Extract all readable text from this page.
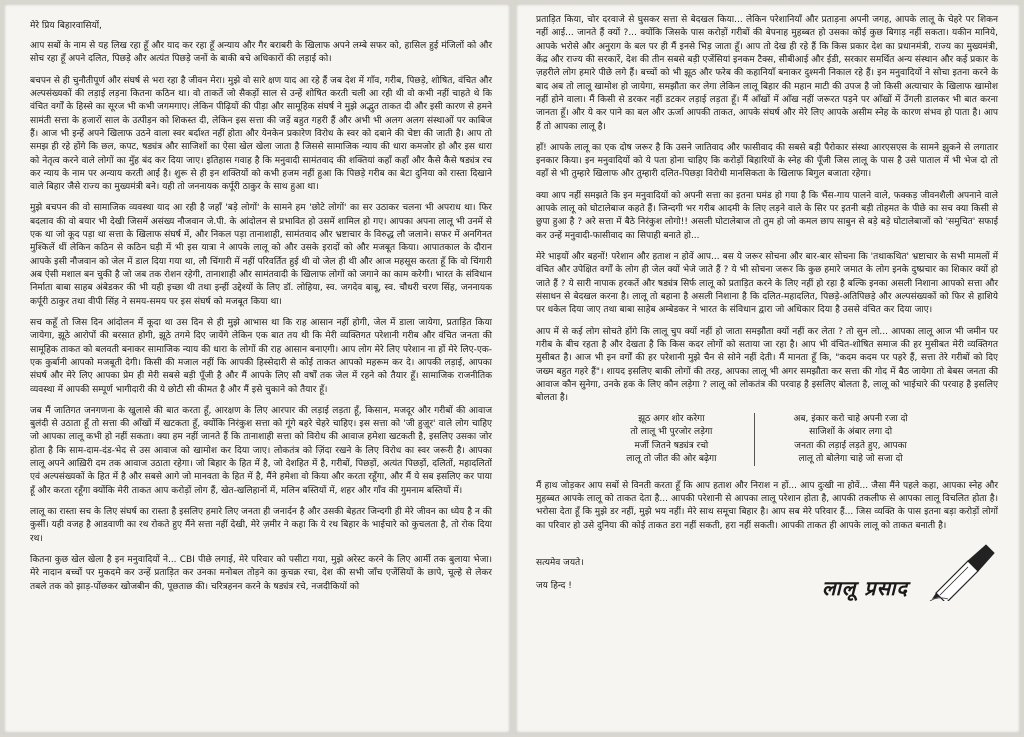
मेरे प्रिय बिहारवासियों,

आप सबों के नाम से यह लिख रहा हूँ और याद कर रहा हूँ अन्याय और गैर बराबरी के खिलाफ अपने लम्बे सफर को, हासिल हुई मंजिलों को और सोच रहा हूँ अपने दलित, पिछड़े और अत्यंत पिछड़े जनों के बाकी बचे अधिकारों की लड़ाई को।

बचपन से ही चुनौतीपूर्ण और संघर्ष से भरा रहा है जीवन मेरा। मुझे वो सारे क्षण याद आ रहे हैं जब देश में गाँव, गरीब, पिछड़े, शोषित, वंचित और अल्पसंख्यकों की लड़ाई लड़ना कितना कठिन था। वो ताकतें जो सैकड़ों साल से उन्हें शोषित करती चली आ रही थी वो कभी नहीं चाहते थे कि वंचित वर्गों के हिस्से का सूरज भी कभी जगमगाए। लेकिन पीढ़ियों की पीड़ा और सामूहिक संघर्ष ने मुझे अद्भुत ताकत दी और इसी कारण से हमने सामंती सत्ता के हजारों साल के उत्पीड़न को शिकस्त दी, लेकिन इस सत्ता की जड़ें बहुत गहरी हैं और अभी भी अलग अलग संस्थाओं पर काबिज हैं। आज भी इन्हें अपने खिलाफ उठने वाला स्वर बर्दाश्त नहीं होता और येनकेन प्रकारेण विरोध के स्वर को दबाने की चेष्टा की जाती है। आप तो समझ ही रहे होंगे कि छल, कपट, षड्यंत्र और साजिशों का ऐसा खेल खेला जाता है जिससे सामाजिक न्याय की धारा कमजोर हो और इस धारा को नेतृत्व करने वाले लोगों का मुँह बंद कर दिया जाए। इतिहास गवाह है कि मनुवादी सामंतवाद की शक्तियां कहाँ कहाँ और कैसे कैसे षड्यंत्र रच कर न्याय के नाम पर अन्याय करती आई है। शुरू से ही इन शक्तियों को कभी हजम नहीं हुआ कि पिछड़े गरीब का बेटा दुनिया को रास्ता दिखाने वाले बिहार जैसे राज्य का मुख्यमंत्री बने। यही तो जननायक कर्पूरी ठाकुर के साथ हुआ था।

मुझे बचपन की वो सामाजिक व्यवस्था याद आ रही है जहाँ 'बड़े लोगों' के सामने हम 'छोटे लोगों' का सर उठाकर चलना भी अपराध था। फिर बदलाव की वो बयार भी देखी जिसमें असंख्य नौजवान जे.पी. के आंदोलन से प्रभावित हो उसमें शामिल हो गए। आपका अपना लालू भी उनमें से एक था जो कूद पड़ा था सत्ता के खिलाफ संघर्ष में, और निकल पड़ा तानाशाही, सामंतवाद और भ्रष्टाचार के विरुद्ध लौ जलाने। सफर में अनगिनत मुश्किलें थीं लेकिन कठिन से कठिन घड़ी में भी इस यात्रा ने आपके लालू को और उसके इरादों को और मजबूत किया। आपातकाल के दौरान आपके इसी नौजवान को जेल में डाल दिया गया था, लौ चिंगारी में नहीं परिवर्तित हुई थी वो जेल ही थी और आज महसूस करता हूँ कि वो चिंगारी अब ऐसी मशाल बन चुकी है जो जब तक रोशन रहेगी, तानाशाही और सामंतवादी के खिलाफ लोगों को जगाने का काम करेगी। भारत के संविधान निर्माता बाबा साहब अंबेडकर की भी यही इच्छा थी तथा इन्हीं उद्देश्यों के लिए डॉ. लोहिया, स्व. जगदेव बाबू, स्व. चौधरी चरण सिंह, जननायक कर्पूरी ठाकुर तथा वीपी सिंह ने समय-समय पर इस संघर्ष को मजबूत किया था।

सच कहूँ तो जिस दिन आंदोलन में कूदा था उस दिन से ही मुझे आभास था कि राह आसान नहीं होगी, जेल में डाला जायेगा, प्रताड़ित किया जायेगा, झूठे आरोपों की बरसात होगी, झूठे तगमे दिए जायेंगे लेकिन एक बात तय थी कि मेरी व्यक्तिगत परेशानी गरीब और वंचित जनता की सामूहिक ताकत को बलवती बनाकर सामाजिक न्याय की धारा के लोगों की राह आसान बनाएगी। आप लोग मेरे लिए परेशान ना हों मेरे लिए-एक-एक कुर्बानी आपको मजबूती देगी। किसी की मजाल नहीं कि आपकी हिस्सेदारी से कोई ताकत आपको महरूम कर दे। आपकी लड़ाई, आपका संघर्ष और मेरे लिए आपका प्रेम ही मेरी सबसे बड़ी पूँजी है और मैं आपके लिए सौ वर्षों तक जेल में रहने को तैयार हूँ। सामाजिक राजनीतिक व्यवस्था में आपकी सम्पूर्ण भागीदारी की ये छोटी सी कीमत है और मैं इसे चुकाने को तैयार हूँ।

जब मैं जातिगत जनगणना के खुलासे की बात करता हूँ, आरक्षण के लिए आरपार की लड़ाई लड़ता हूँ, किसान, मजदूर और गरीबों की आवाज बुलंदी से उठाता हूँ तो सत्ता की आँखों में खटकता हूँ, क्योंकि निरंकुश सत्ता को गूंगे बहरे चेहरे चाहिए। इस सत्ता को 'जी हुज़ूर' वाले लोग चाहिए जो आपका लालू कभी हो नहीं सकता। क्या हम नहीं जानते हैं कि तानाशाही सत्ता को विरोध की आवाज हमेशा खटकती है, इसलिए उसका जोर होता है कि साम-दाम-दंड-भेद से उस आवाज को खामोश कर दिया जाए। लोकतंत्र को ज़िंदा रखने के लिए विरोध का स्वर जरूरी है। आपका लालू अपने आख़िरी दम तक आवाज उठाता रहेगा। जो बिहार के हित में है, जो देशहित में है, गरीबों, पिछड़ों, अत्यंत पिछड़ों, दलितों, महादलितों एवं अल्पसंख्यकों के हित में है और सबसे आगे जो मानवता के हित में है, मैंने हमेशा वो किया और करता रहूँगा, और मैं ये सब इसलिए कर पाया हूँ और करता रहूँगा क्योंकि मेरी ताकत आप करोड़ों लोग हैं, खेत-खलिहानों में, मलिन बस्तियों में, शहर और गाँव की गुमनाम बस्तियों में।

लालू का रास्ता सच के लिए संघर्ष का रास्ता है इसलिए हमारे लिए जनता ही जनार्दन है और उसकी बेहतर जिन्दगी ही मेरे जीवन का ध्येय है न की कुर्सी। यही वजह है आडवाणी का रथ रोकते हुए मैंने सत्ता नहीं देखी, मेरे ज़मीर ने कहा कि ये रथ बिहार के भाईचारे को कुचलता है, तो रोक दिया रथ।

कितना कुछ खेल खेला है इन मनुवादियों ने... CBI पीछे लगाई, मेरे परिवार को पसीटा गया, मुझे अरेस्ट करने के लिए आर्मी तक बुलाया भेजा। मेरे नादान बच्चों पर मुकदमे कर उन्हें प्रताड़ित कर उनका मनोबल तोड़ने का कुचक्र रचा, देश की सभी जाँच एजेंसियों के छापे, चूल्हे से लेकर तबले तक को झाड़-पोंछकर खोजबीन की, पूछताछ की। चरित्रहनन करने के षड्यंत्र रचे, नजदीकियों को

प्रताड़ित किया, चोर दरवाजे से घुसकर सत्ता से बेदखल किया... लेकिन परेशानियाँ और प्रताड़ना अपनी जगह, आपके लालू के चेहरे पर शिकन नहीं आई... जानते हैं क्यों ?... क्योंकि जिसके पास करोड़ों गरीबों की बेपनाह मुहब्बत हो उसका कोई कुछ बिगाड़ नहीं सकता। यकीन मानिये, आपके भरोसे और अनुराग के बल पर ही मैं इनसे भिड़ जाता हूँ। आप तो देख ही रहे हैं कि किस प्रकार देश का प्रधानमंत्री, राज्य का मुख्यमंत्री, केंद्र और राज्य की सरकारें, देश की तीन सबसे बड़ी एजेंसियां इनकम टैक्स, सीबीआई और ईडी, सरकार समर्थित अन्य संस्थान और कई प्रकार के ज़हरीले लोग हमारे पीछे लगे हैं। बच्चों को भी झूठ और फरेब की कहानियाँ बनाकर दुश्मनी निकाल रहे हैं। इन मनुवादियों ने सोचा इतना करने के बाद अब तो लालू खामोश हो जायेगा, समझौता कर लेगा लेकिन लालू बिहार की महान माटी की उपज है जो किसी अत्याचार के खिलाफ खामोश नहीं होने वाला। मैं किसी से डरकर नहीं डटकर लड़ाई लड़ता हूँ। मैं आँखों में आँख नहीं जरूरत पड़ने पर आँखों में उँगली डालकर भी बात करना जानता हूँ। और ये कर पाने का बल और ऊर्जा आपकी ताकत, आपके संघर्ष और मेरे लिए आपके असीम स्नेह के कारण संभव हो पाता है। आप हैं तो आपका लालू है।

हाँ! आपके लालू का एक दोष जरूर है कि उसने जातिवाद और फासीवाद की सबसे बड़ी पैरोकार संस्था आरएसएस के सामने झुकने से लगातार इनकार किया। इन मनुवादियों को ये पता होना चाहिए कि करोड़ों बिहारियों के स्नेह की पूँजी जिस लालू के पास है उसे पाताल में भी भेज दो तो वहाँ से भी तुम्हारे खिलाफ और तुम्हारी दलित-पिछड़ा विरोधी मानसिकता के खिलाफ बिगुल बजाता रहेगा।

क्या आप नहीं समझते कि इन मनुवादियों को अपनी सत्ता का इतना घमंड हो गया है कि भैंस-गाय पालने वाले, फक्कड़ जीवनशैली अपनाने वाले आपके लालू को घोटालेबाज कहते हैं। जिन्दगी भर गरीब आदमी के लिए लड़ने वाले के सिर पर इतनी बड़ी तोहमत के पीछे का सच क्या किसी से छुपा हुआ है ? अरे सत्ता में बैठे निरंकुश लोगो!! असली घोटालेबाज तो तुम हो जो कमल छाप साबुन से बड़े बड़े घोटालेबाजों को 'समुचित' सफाई कर उन्हें मनुवादी-फासीवाद का सिपाही बनाते हो...

मेरे भाइयों और बहनों! परेशान और हताश न होवें आप... बस ये जरूर सोचना और बार-बार सोचना कि 'तथाकथित' भ्रष्टाचार के सभी मामलों में वंचित और उपेक्षित वर्गों के लोग ही जेल क्यों भेजे जाते हैं ? ये भी सोचना जरूर कि कुछ हमारे जमात के लोग इनके दुष्प्रचार का शिकार क्यों हो जाते हैं ? ये सारी नापाक हरकतें और षड्यंत्र सिर्फ लालू को प्रताड़ित करने के लिए नहीं हो रहा है बल्कि इनका असली निशाना आपको सत्ता और संसाधन से बेदखल करना है। लालू तो बहाना है असली निशाना है कि दलित-महादलित, पिछड़े-अतिपिछड़े और अल्पसंख्यकों को फिर से हाशिये पर धकेल दिया जाए तथा बाबा साहेब अम्बेडकर ने भारत के संविधान द्वारा जो अधिकार दिया है उससे वंचित कर दिया जाए।

आप में से कई लोग सोचते होंगे कि लालू चुप क्यों नहीं हो जाता समझौता क्यों नहीं कर लेता ? तो सुन लो... आपका लालू आज भी जमीन पर गरीब के बीच रहता है और देखता है कि किस कदर लोगों को सताया जा रहा है। आप भी वंचित-शोषित समाज की हर मुसीबत मेरी व्यक्तिगत मुसीबत है। आज भी इन वर्गों की हर परेशानी मुझे चैन से सोने नहीं देती। मैं मानता हूँ कि, "कदम कदम पर पहरे हैं, सत्ता तेरे गरीबों को दिए जख्म बहुत गहरे हैं"। शायद इसलिए बाकी लोगों की तरह, आपका लालू भी अगर समझौता कर सत्ता की गोद में बैठ जायेगा तो बेबस जनता की आवाज कौन सुनेगा, उनके हक के लिए कौन लड़ेगा ? लालू को लोकतंत्र की परवाह है इसलिए बोलता है, लालू को भाईचारे की परवाह है इसलिए बोलता है।

झूठ अगर शोर करेगा
तो लालू भी पुरजोर लड़ेगा
मर्जी जितने षड्यंत्र रचो
लालू तो जीत की ओर बढ़ेगा
अब, इंकार करो चाहे अपनी रजा दो
साजिशों के अंबार लगा दो
जनता की लड़ाई लड़ते हुए, आपका
लालू तो बोलेगा चाहे जो सजा दो

मैं हाथ जोड़कर आप सबों से विनती करता हूँ कि आप हताश और निराश न हों... आप दुःखी ना होवें... जैसा मैंने पहले कहा, आपका स्नेह और मुहब्बत आपके लालू को ताकत देता है... आपकी परेशानी से आपका लालू परेशान होता है, आपकी तकलीफ से आपका लालू विचलित होता है। भरोसा देता हूँ कि मुझे डर नहीं, मुझे भय नहीं। मेरे साथ समूचा बिहार है। आप सब मेरे परिवार हैं... जिस व्यक्ति के पास इतना बड़ा करोड़ों लोगों का परिवार हो उसे दुनिया की कोई ताकत डरा नहीं सकती, हरा नहीं सकती। आपकी ताकत ही आपके लालू को ताकत बनाती है।

सत्यमेव जयते।
जय हिन्द !	लालू प्रसाद
